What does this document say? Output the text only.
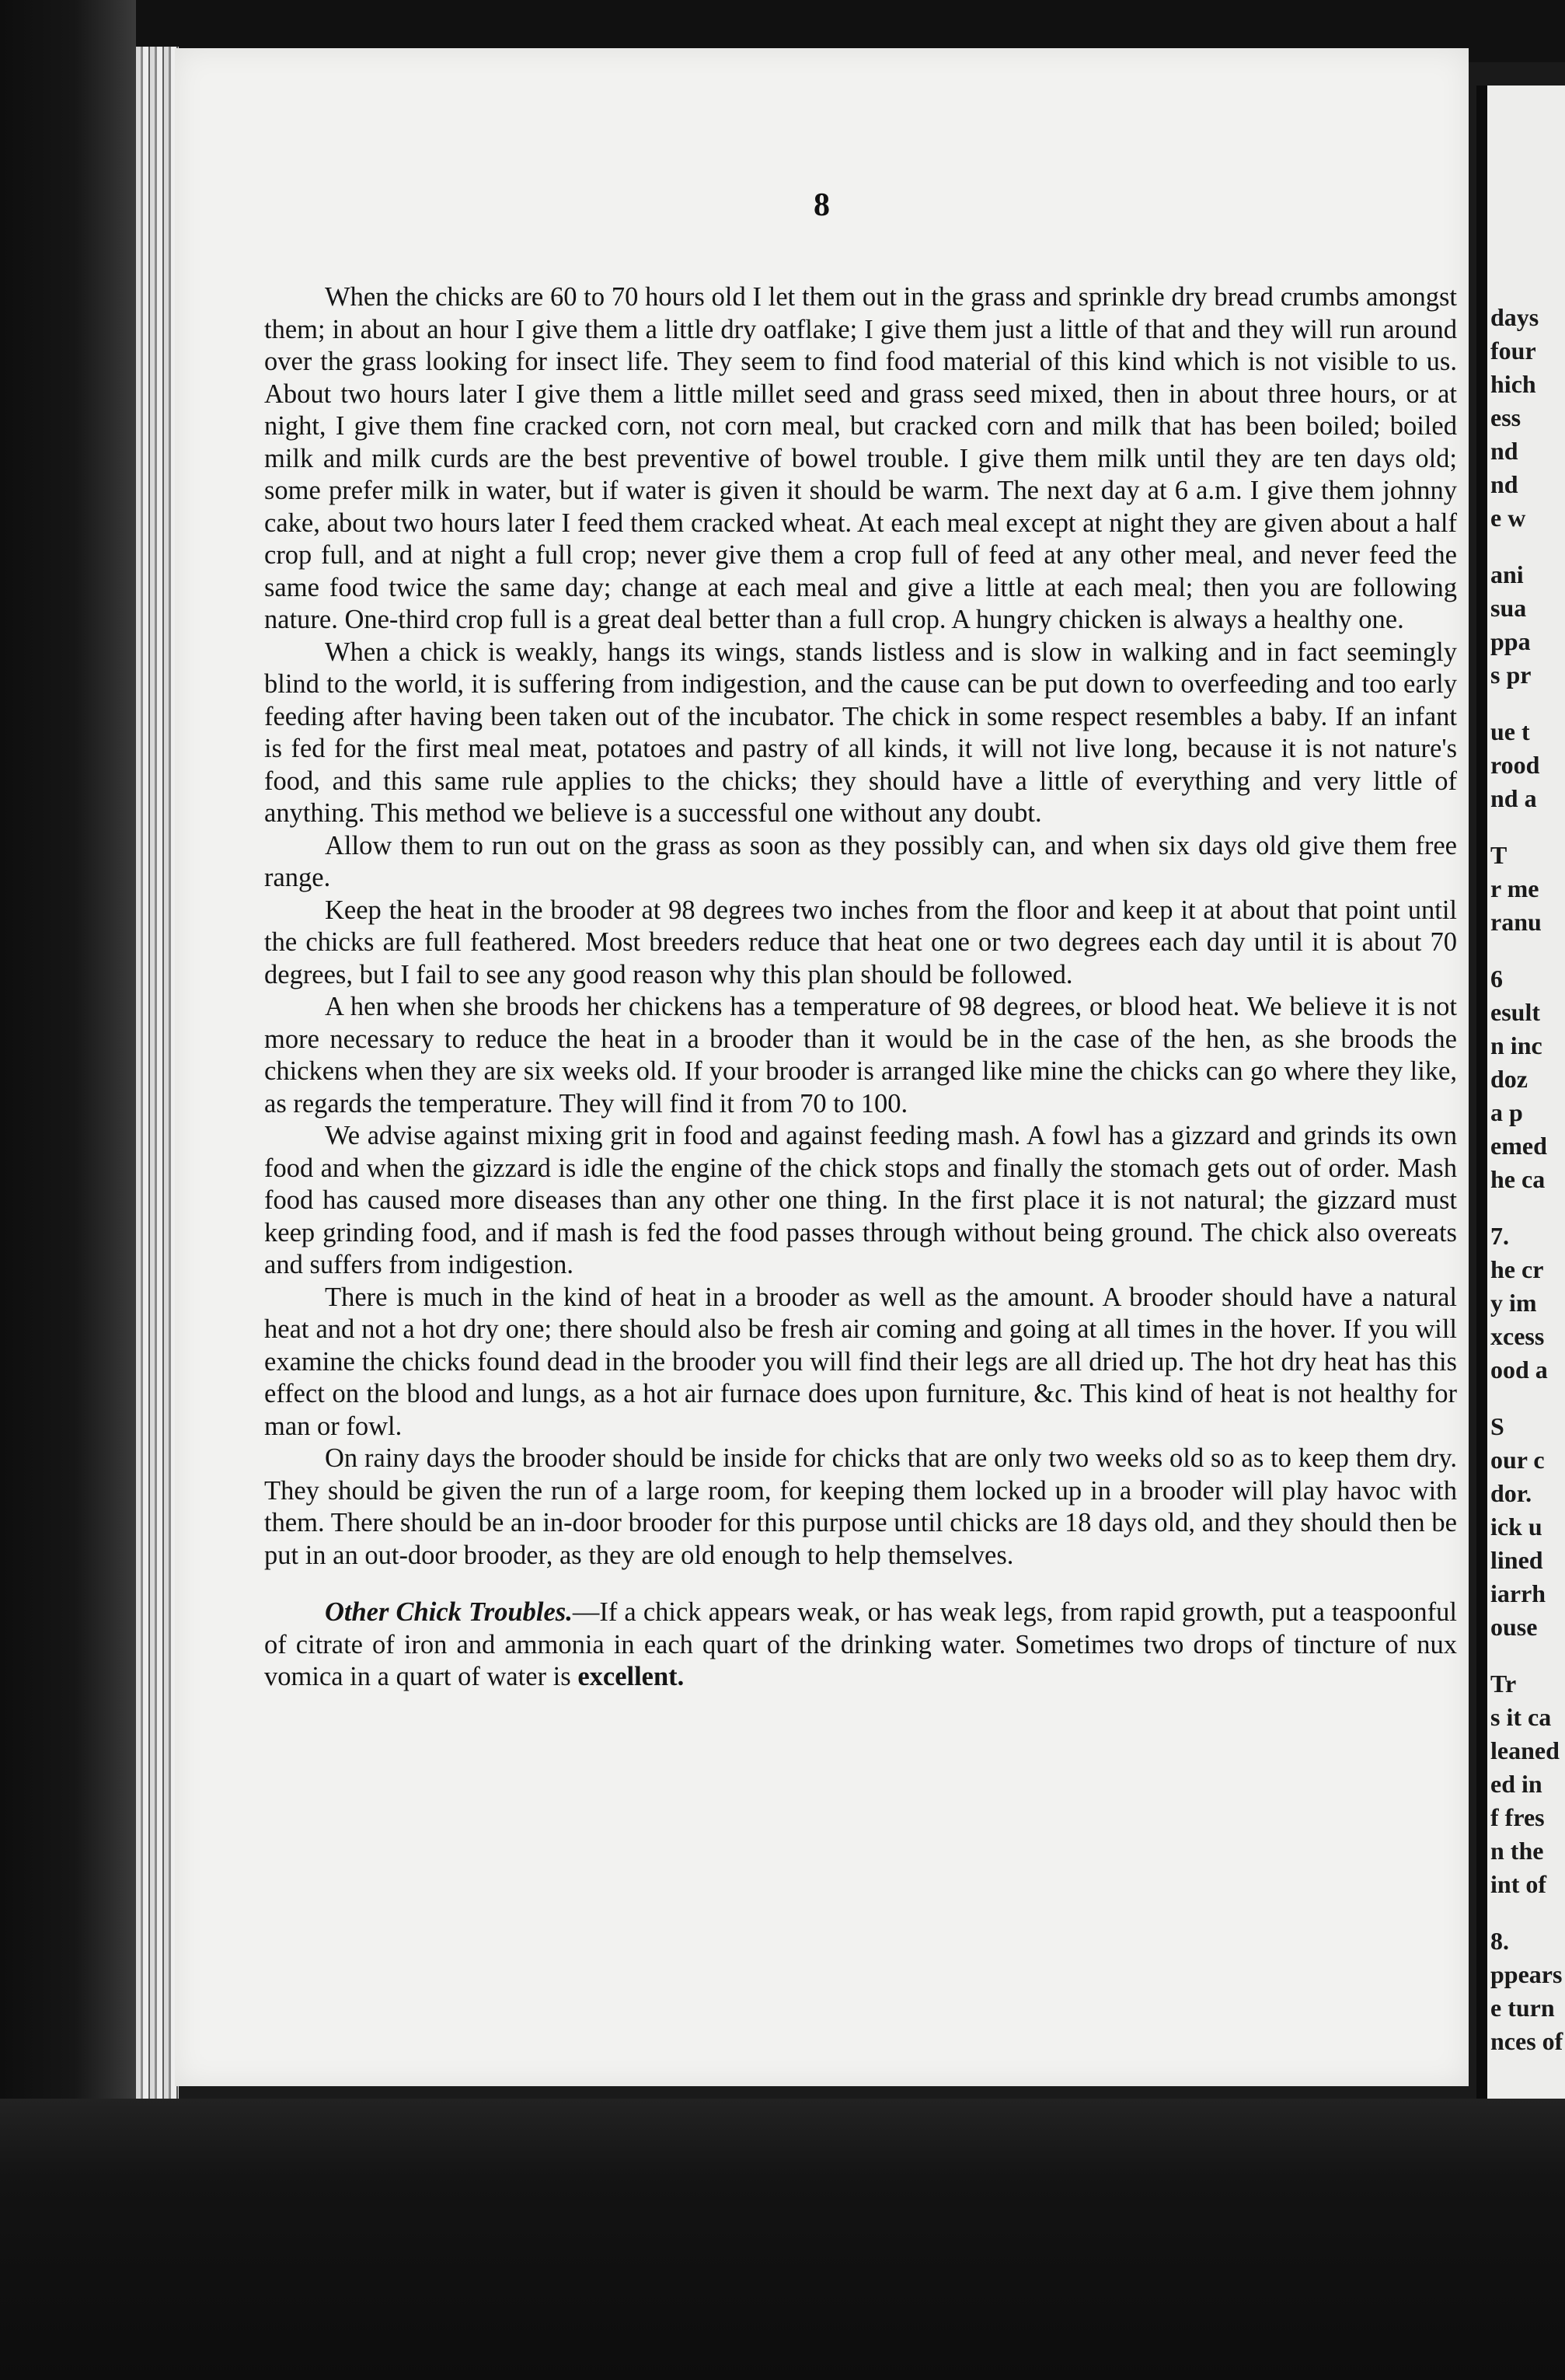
8

When the chicks are 60 to 70 hours old I let them out in the grass and sprinkle dry bread crumbs amongst them; in about an hour I give them a little dry oatflake; I give them just a little of that and they will run around over the grass looking for insect life. They seem to find food material of this kind which is not visible to us. About two hours later I give them a little millet seed and grass seed mixed, then in about three hours, or at night, I give them fine cracked corn, not corn meal, but cracked corn and milk that has been boiled; boiled milk and milk curds are the best preventive of bowel trouble. I give them milk until they are ten days old; some prefer milk in water, but if water is given it should be warm. The next day at 6 a.m. I give them johnny cake, about two hours later I feed them cracked wheat. At each meal except at night they are given about a half crop full, and at night a full crop; never give them a crop full of feed at any other meal, and never feed the same food twice the same day; change at each meal and give a little at each meal; then you are following nature. One-third crop full is a great deal better than a full crop. A hungry chicken is always a healthy one.

When a chick is weakly, hangs its wings, stands listless and is slow in walking and in fact seemingly blind to the world, it is suffering from indigestion, and the cause can be put down to overfeeding and too early feeding after having been taken out of the incubator. The chick in some respect resembles a baby. If an infant is fed for the first meal meat, potatoes and pastry of all kinds, it will not live long, because it is not nature's food, and this same rule applies to the chicks; they should have a little of everything and very little of anything. This method we believe is a successful one without any doubt.

Allow them to run out on the grass as soon as they possibly can, and when six days old give them free range.

Keep the heat in the brooder at 98 degrees two inches from the floor and keep it at about that point until the chicks are full feathered. Most breeders reduce that heat one or two degrees each day until it is about 70 degrees, but I fail to see any good reason why this plan should be followed.

A hen when she broods her chickens has a temperature of 98 degrees, or blood heat. We believe it is not more necessary to reduce the heat in a brooder than it would be in the case of the hen, as she broods the chickens when they are six weeks old. If your brooder is arranged like mine the chicks can go where they like, as regards the temperature. They will find it from 70 to 100.

We advise against mixing grit in food and against feeding mash. A fowl has a gizzard and grinds its own food and when the gizzard is idle the engine of the chick stops and finally the stomach gets out of order. Mash food has caused more diseases than any other one thing. In the first place it is not natural; the gizzard must keep grinding food, and if mash is fed the food passes through without being ground. The chick also overeats and suffers from indigestion.

There is much in the kind of heat in a brooder as well as the amount. A brooder should have a natural heat and not a hot dry one; there should also be fresh air coming and going at all times in the hover. If you will examine the chicks found dead in the brooder you will find their legs are all dried up. The hot dry heat has this effect on the blood and lungs, as a hot air furnace does upon furniture, &c. This kind of heat is not healthy for man or fowl.

On rainy days the brooder should be inside for chicks that are only two weeks old so as to keep them dry. They should be given the run of a large room, for keeping them locked up in a brooder will play havoc with them. There should be an in-door brooder for this purpose until chicks are 18 days old, and they should then be put in an out-door brooder, as they are old enough to help themselves.

Other Chick Troubles.—If a chick appears weak, or has weak legs, from rapid growth, put a teaspoonful of citrate of iron and ammonia in each quart of the drinking water. Sometimes two drops of tincture of nux vomica in a quart of water is excellent.

days
four
hich
ess
nd
nd
e w
ani
sua
ppa
s pr
ue t
rood
nd a
T
r me
ranu
6
esult
n inc
doz
a p
emed
he ca
7.
he cr
y im
xcess
ood a
S
our c
dor.
ick u
lined
iarrh
ouse
Tr
s it ca
leaned
ed in
f fres
n the
int of
8.
ppears
e turn
nces of
